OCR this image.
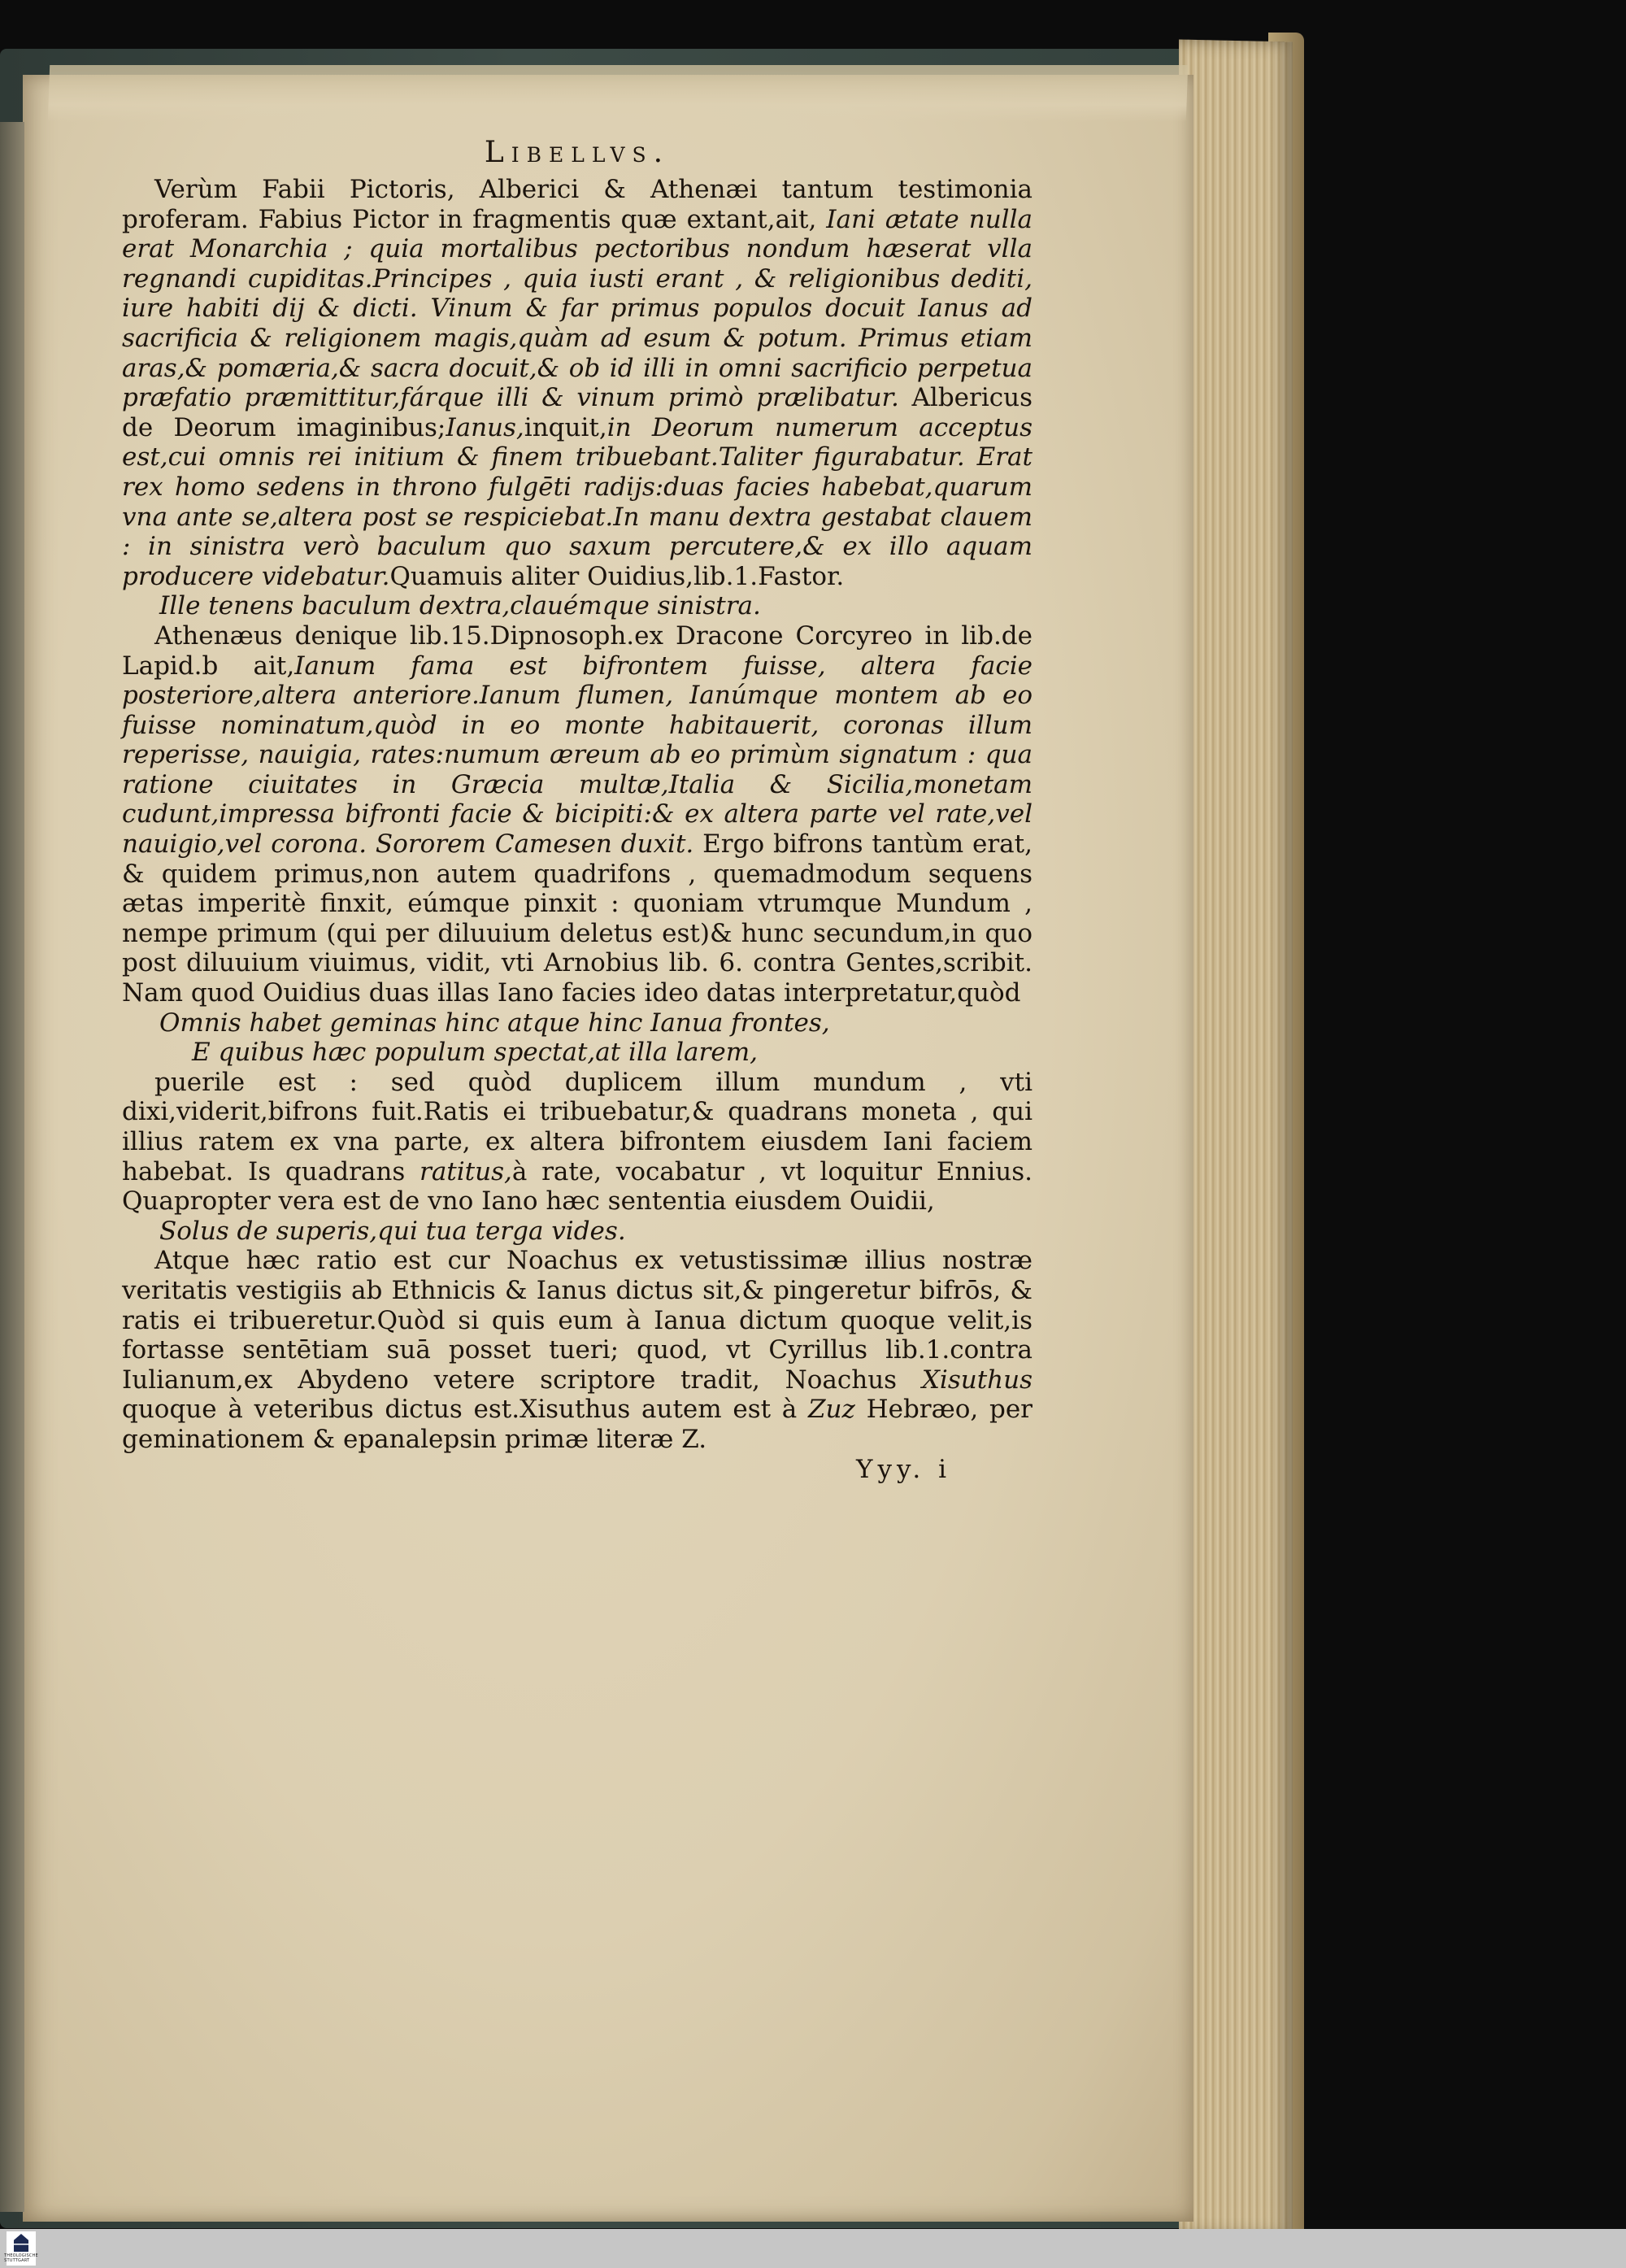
Libellvs.

Verùm Fabii Pictoris, Alberici & Athenæi tantum testimonia proferam. Fabius Pictor in fragmentis quæ extant,ait, Iani ætate nulla erat Monarchia ; quia mortalibus pectoribus nondum hæserat vlla regnandi cupiditas.Principes , quia iusti erant , & religionibus dediti, iure habiti dij & dicti. Vinum & far primus populos docuit Ianus ad sacrificia & religionem magis,quàm ad esum & potum. Primus etiam aras,& pomæria,& sacra docuit,& ob id illi in omni sacrificio perpetua præfatio præmittitur,fárque illi & vinum primò prælibatur. Albericus de Deorum imaginibus;Ianus,inquit,in Deorum numerum acceptus est,cui omnis rei initium & finem tribuebant.Taliter figurabatur. Erat rex homo sedens in throno fulgēti radijs:duas facies habebat,quarum vna ante se,altera post se respiciebat.In manu dextra gestabat clauem : in sinistra verò baculum quo saxum percutere,& ex illo aquam producere videbatur.Quamuis aliter Ouidius,lib.1.Fastor.

Ille tenens baculum dextra,clauémque sinistra.

Athenæus denique lib.15.Dipnosoph.ex Dracone Corcyreo in lib.de Lapid.b ait,Ianum fama est bifrontem fuisse, altera facie posteriore,altera anteriore.Ianum flumen, Ianúmque montem ab eo fuisse nominatum,quòd in eo monte habitauerit, coronas illum reperisse, nauigia, rates:numum æreum ab eo primùm signatum : qua ratione ciuitates in Græcia multæ,Italia & Sicilia,monetam cudunt,impressa bifronti facie & bicipiti:& ex altera parte vel rate,vel nauigio,vel corona. Sororem Camesen duxit. Ergo bifrons tantùm erat, & quidem primus,non autem quadrifons , quemadmodum sequens ætas imperitè finxit, eúmque pinxit : quoniam vtrumque Mundum , nempe primum (qui per diluuium deletus est)& hunc secundum,in quo post diluuium viuimus, vidit, vti Arnobius lib. 6. contra Gentes,scribit. Nam quod Ouidius duas illas Iano facies ideo datas interpretatur,quòd

Omnis habet geminas hinc atque hinc Ianua frontes,

E quibus hæc populum spectat,at illa larem,

puerile est : sed quòd duplicem illum mundum , vti dixi,viderit,bifrons fuit.Ratis ei tribuebatur,& quadrans moneta , qui illius ratem ex vna parte, ex altera bifrontem eiusdem Iani faciem habebat. Is quadrans ratitus,à rate, vocabatur , vt loquitur Ennius. Quapropter vera est de vno Iano hæc sententia eiusdem Ouidii,

Solus de superis,qui tua terga vides.

Atque hæc ratio est cur Noachus ex vetustissimæ illius nostræ veritatis vestigiis ab Ethnicis & Ianus dictus sit,& pingeretur bifrōs, & ratis ei tribueretur.Quòd si quis eum à Ianua dictum quoque velit,is fortasse sentētiam suā posset tueri; quod, vt Cyrillus lib.1.contra Iulianum,ex Abydeno vetere scriptore tradit, Noachus Xisuthus quoque à veteribus dictus est.Xisuthus autem est à Zuz Hebræo, per geminationem & epanalepsin primæ literæ Z.

Yyy. i

THEOLOGISCHE STUTTGART
